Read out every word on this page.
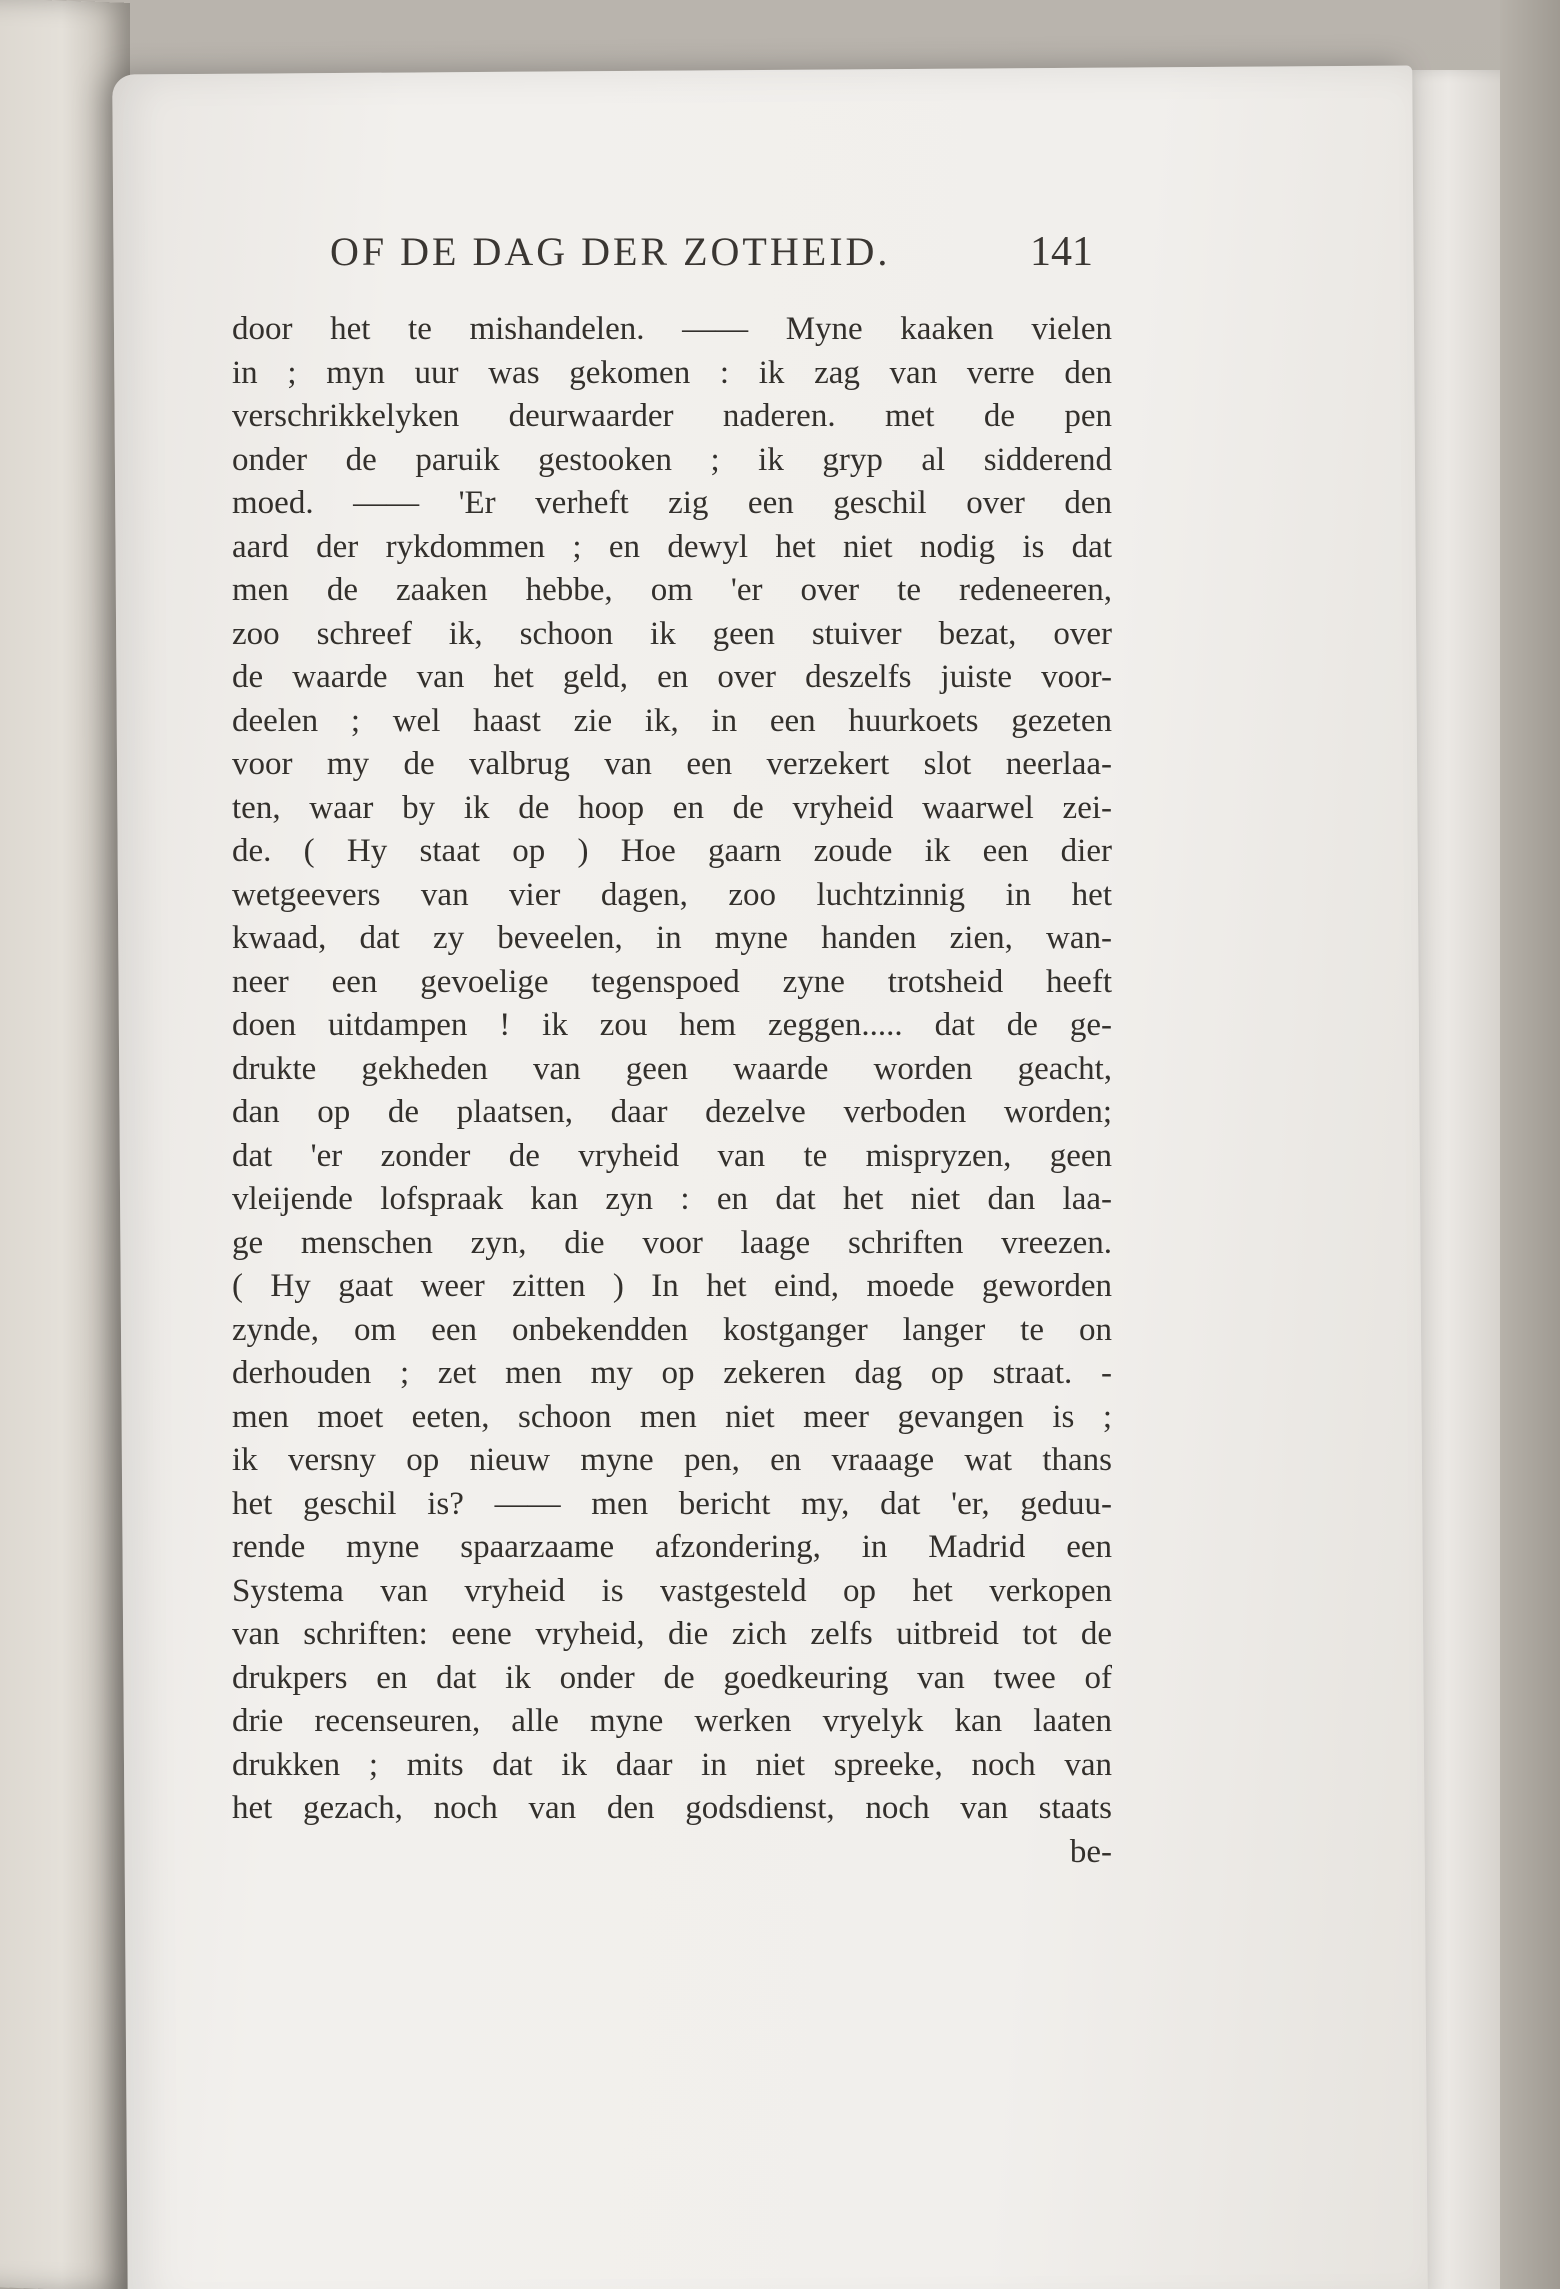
OF DE DAG DER ZOTHEID.	141
door het te mishandelen. —— Myne kaaken vielen
in ; myn uur was gekomen : ik zag van verre den
verschrikkelyken deurwaarder naderen. met de pen
onder de paruik gestooken ; ik gryp al sidderend
moed. —— 'Er verheft zig een geschil over den
aard der rykdommen ; en dewyl het niet nodig is dat
men de zaaken hebbe, om 'er over te redeneeren,
zoo schreef ik, schoon ik geen stuiver bezat, over
de waarde van het geld, en over deszelfs juiste voor-
deelen ; wel haast zie ik, in een huurkoets gezeten
voor my de valbrug van een verzekert slot neerlaa-
ten, waar by ik de hoop en de vryheid waarwel zei-
de. ( Hy staat op ) Hoe gaarn zoude ik een dier
wetgeevers van vier dagen, zoo luchtzinnig in het
kwaad, dat zy beveelen, in myne handen zien, wan-
neer een gevoelige tegenspoed zyne trotsheid heeft
doen uitdampen ! ik zou hem zeggen..... dat de ge-
drukte gekheden van geen waarde worden geacht,
dan op de plaatsen, daar dezelve verboden worden;
dat 'er zonder de vryheid van te mispryzen, geen
vleijende lofspraak kan zyn : en dat het niet dan laa-
ge menschen zyn, die voor laage schriften vreezen.
( Hy gaat weer zitten ) In het eind, moede geworden
zynde, om een onbekendden kostganger langer te on
derhouden ; zet men my op zekeren dag op straat. -
men moet eeten, schoon men niet meer gevangen is ;
ik versny op nieuw myne pen, en vraaage wat thans
het geschil is? —— men bericht my, dat 'er, geduu-
rende myne spaarzaame afzondering, in Madrid een
Systema van vryheid is vastgesteld op het verkopen
van schriften: eene vryheid, die zich zelfs uitbreid tot de
drukpers en dat ik onder de goedkeuring van twee of
drie recenseuren, alle myne werken vryelyk kan laaten
drukken ; mits dat ik daar in niet spreeke, noch van
het gezach, noch van den godsdienst, noch van staats
be-
